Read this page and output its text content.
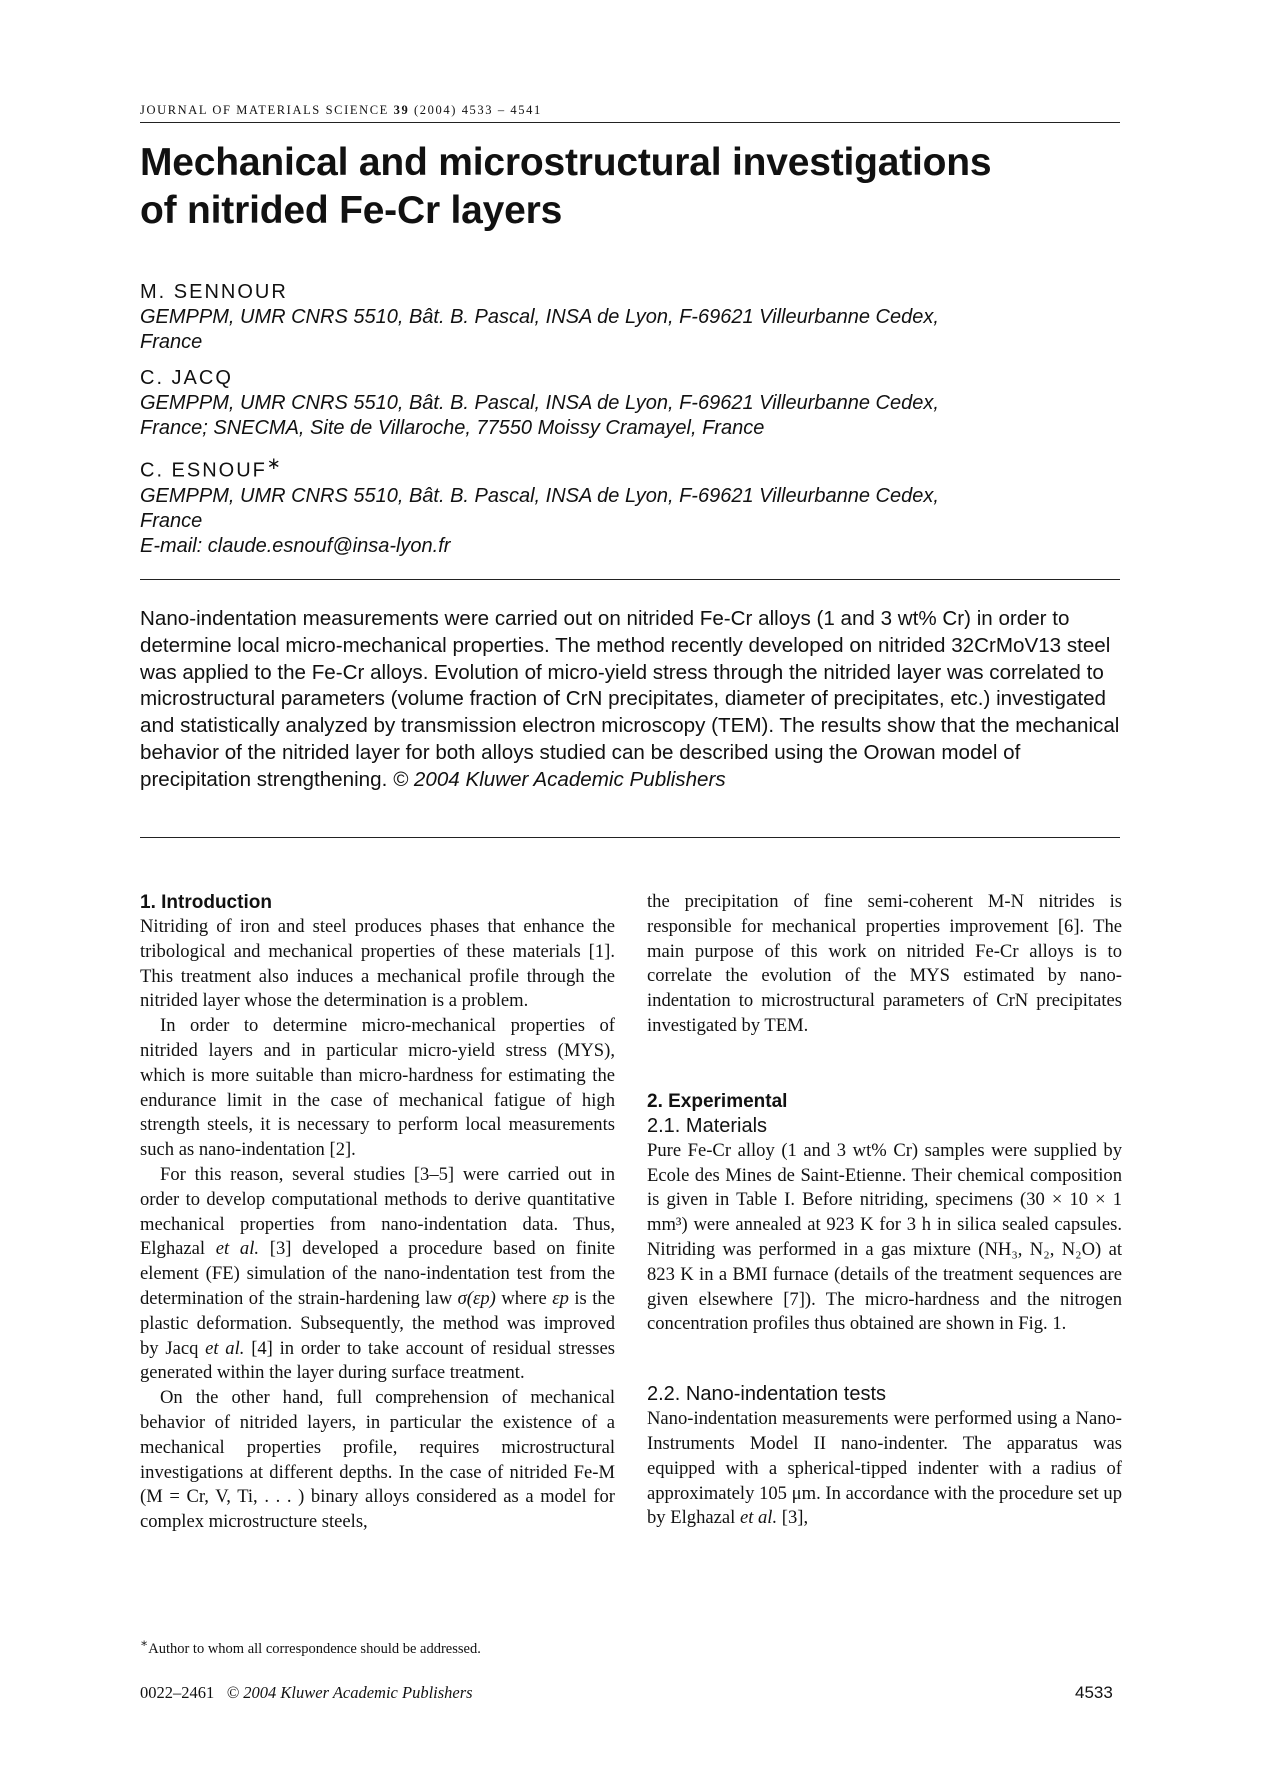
JOURNAL OF MATERIALS SCIENCE 39 (2004) 4533 – 4541
Mechanical and microstructural investigations
of nitrided Fe-Cr layers
M. SENNOUR
GEMPPM, UMR CNRS 5510, Bât. B. Pascal, INSA de Lyon, F-69621 Villeurbanne Cedex,
France
C. JACQ
GEMPPM, UMR CNRS 5510, Bât. B. Pascal, INSA de Lyon, F-69621 Villeurbanne Cedex,
France; SNECMA, Site de Villaroche, 77550 Moissy Cramayel, France
C. ESNOUF∗
GEMPPM, UMR CNRS 5510, Bât. B. Pascal, INSA de Lyon, F-69621 Villeurbanne Cedex,
France
E-mail: claude.esnouf@insa-lyon.fr
Nano-indentation measurements were carried out on nitrided Fe-Cr alloys (1 and 3 wt% Cr) in order to determine local micro-mechanical properties. The method recently developed on nitrided 32CrMoV13 steel was applied to the Fe-Cr alloys. Evolution of micro-yield stress through the nitrided layer was correlated to microstructural parameters (volume fraction of CrN precipitates, diameter of precipitates, etc.) investigated and statistically analyzed by transmission electron microscopy (TEM). The results show that the mechanical behavior of the nitrided layer for both alloys studied can be described using the Orowan model of precipitation strengthening. © 2004 Kluwer Academic Publishers
1. Introduction

Nitriding of iron and steel produces phases that enhance the tribological and mechanical properties of these materials [1]. This treatment also induces a mechanical profile through the nitrided layer whose the determination is a problem.

In order to determine micro-mechanical properties of nitrided layers and in particular micro-yield stress (MYS), which is more suitable than micro-hardness for estimating the endurance limit in the case of mechanical fatigue of high strength steels, it is necessary to perform local measurements such as nano-indentation [2].

For this reason, several studies [3–5] were carried out in order to develop computational methods to derive quantitative mechanical properties from nano-indentation data. Thus, Elghazal et al. [3] developed a procedure based on finite element (FE) simulation of the nano-indentation test from the determination of the strain-hardening law σ(εp) where εp is the plastic deformation. Subsequently, the method was improved by Jacq et al. [4] in order to take account of residual stresses generated within the layer during surface treatment.

On the other hand, full comprehension of mechanical behavior of nitrided layers, in particular the existence of a mechanical properties profile, requires microstructural investigations at different depths. In the case of nitrided Fe-M (M = Cr, V, Ti, . . . ) binary alloys considered as a model for complex microstructure steels,

the precipitation of fine semi-coherent M-N nitrides is responsible for mechanical properties improvement [6]. The main purpose of this work on nitrided Fe-Cr alloys is to correlate the evolution of the MYS estimated by nano-indentation to microstructural parameters of CrN precipitates investigated by TEM.

2. Experimental
2.1. Materials

Pure Fe-Cr alloy (1 and 3 wt% Cr) samples were supplied by Ecole des Mines de Saint-Etienne. Their chemical composition is given in Table I. Before nitriding, specimens (30 × 10 × 1 mm³) were annealed at 923 K for 3 h in silica sealed capsules. Nitriding was performed in a gas mixture (NH₃, N₂, N₂O) at 823 K in a BMI furnace (details of the treatment sequences are given elsewhere [7]). The micro-hardness and the nitrogen concentration profiles thus obtained are shown in Fig. 1.

2.2. Nano-indentation tests

Nano-indentation measurements were performed using a Nano-Instruments Model II nano-indenter. The apparatus was equipped with a spherical-tipped indenter with a radius of approximately 105 μm. In accordance with the procedure set up by Elghazal et al. [3],

∗Author to whom all correspondence should be addressed.
0022–2461 © 2004 Kluwer Academic Publishers	4533
